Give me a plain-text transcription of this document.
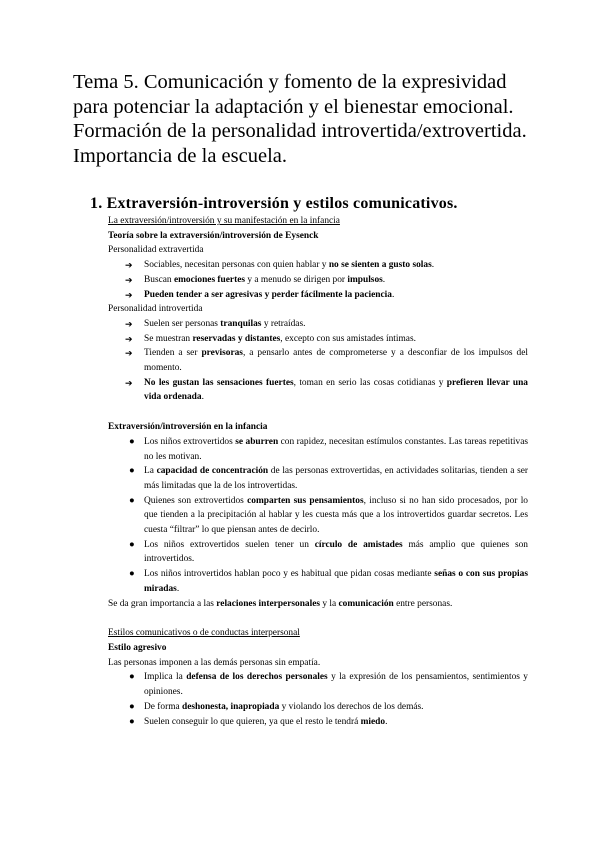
Tema 5. Comunicación y fomento de la expresividad
para potenciar la adaptación y el bienestar emocional.
Formación de la personalidad introvertida/extrovertida.
Importancia de la escuela.
1. Extraversión-introversión y estilos comunicativos.
La extraversión/introversión y su manifestación en la infancia
Teoría sobre la extraversión/introversión de Eysenck
Personalidad extravertida
➔ Sociables, necesitan personas con quien hablar y no se sienten a gusto solas.
➔ Buscan emociones fuertes y a menudo se dirigen por impulsos.
➔ Pueden tender a ser agresivas y perder fácilmente la paciencia.
Personalidad introvertida
➔ Suelen ser personas tranquilas y retraídas.
➔ Se muestran reservadas y distantes, excepto con sus amistades íntimas.
➔ Tienden a ser previsoras, a pensarlo antes de comprometerse y a desconfiar de los impulsos del momento.
➔ No les gustan las sensaciones fuertes, toman en serio las cosas cotidianas y prefieren llevar una vida ordenada.
Extraversión/introversión en la infancia
● Los niños extrovertidos se aburren con rapidez, necesitan estímulos constantes. Las tareas repetitivas no les motivan.
● La capacidad de concentración de las personas extrovertidas, en actividades solitarias, tienden a ser más limitadas que la de los introvertidas.
● Quienes son extrovertidos comparten sus pensamientos, incluso si no han sido procesados, por lo que tienden a la precipitación al hablar y les cuesta más que a los introvertidos guardar secretos. Les cuesta “filtrar” lo que piensan antes de decirlo.
● Los niños extrovertidos suelen tener un círculo de amistades más amplio que quienes son introvertidos.
● Los niños introvertidos hablan poco y es habitual que pidan cosas mediante señas o con sus propias miradas.
Se da gran importancia a las relaciones interpersonales y la comunicación entre personas.
Estilos comunicativos o de conductas interpersonal
Estilo agresivo
Las personas imponen a las demás personas sin empatía.
● Implica la defensa de los derechos personales y la expresión de los pensamientos, sentimientos y opiniones.
● De forma deshonesta, inapropiada y violando los derechos de los demás.
● Suelen conseguir lo que quieren, ya que el resto le tendrá miedo.
